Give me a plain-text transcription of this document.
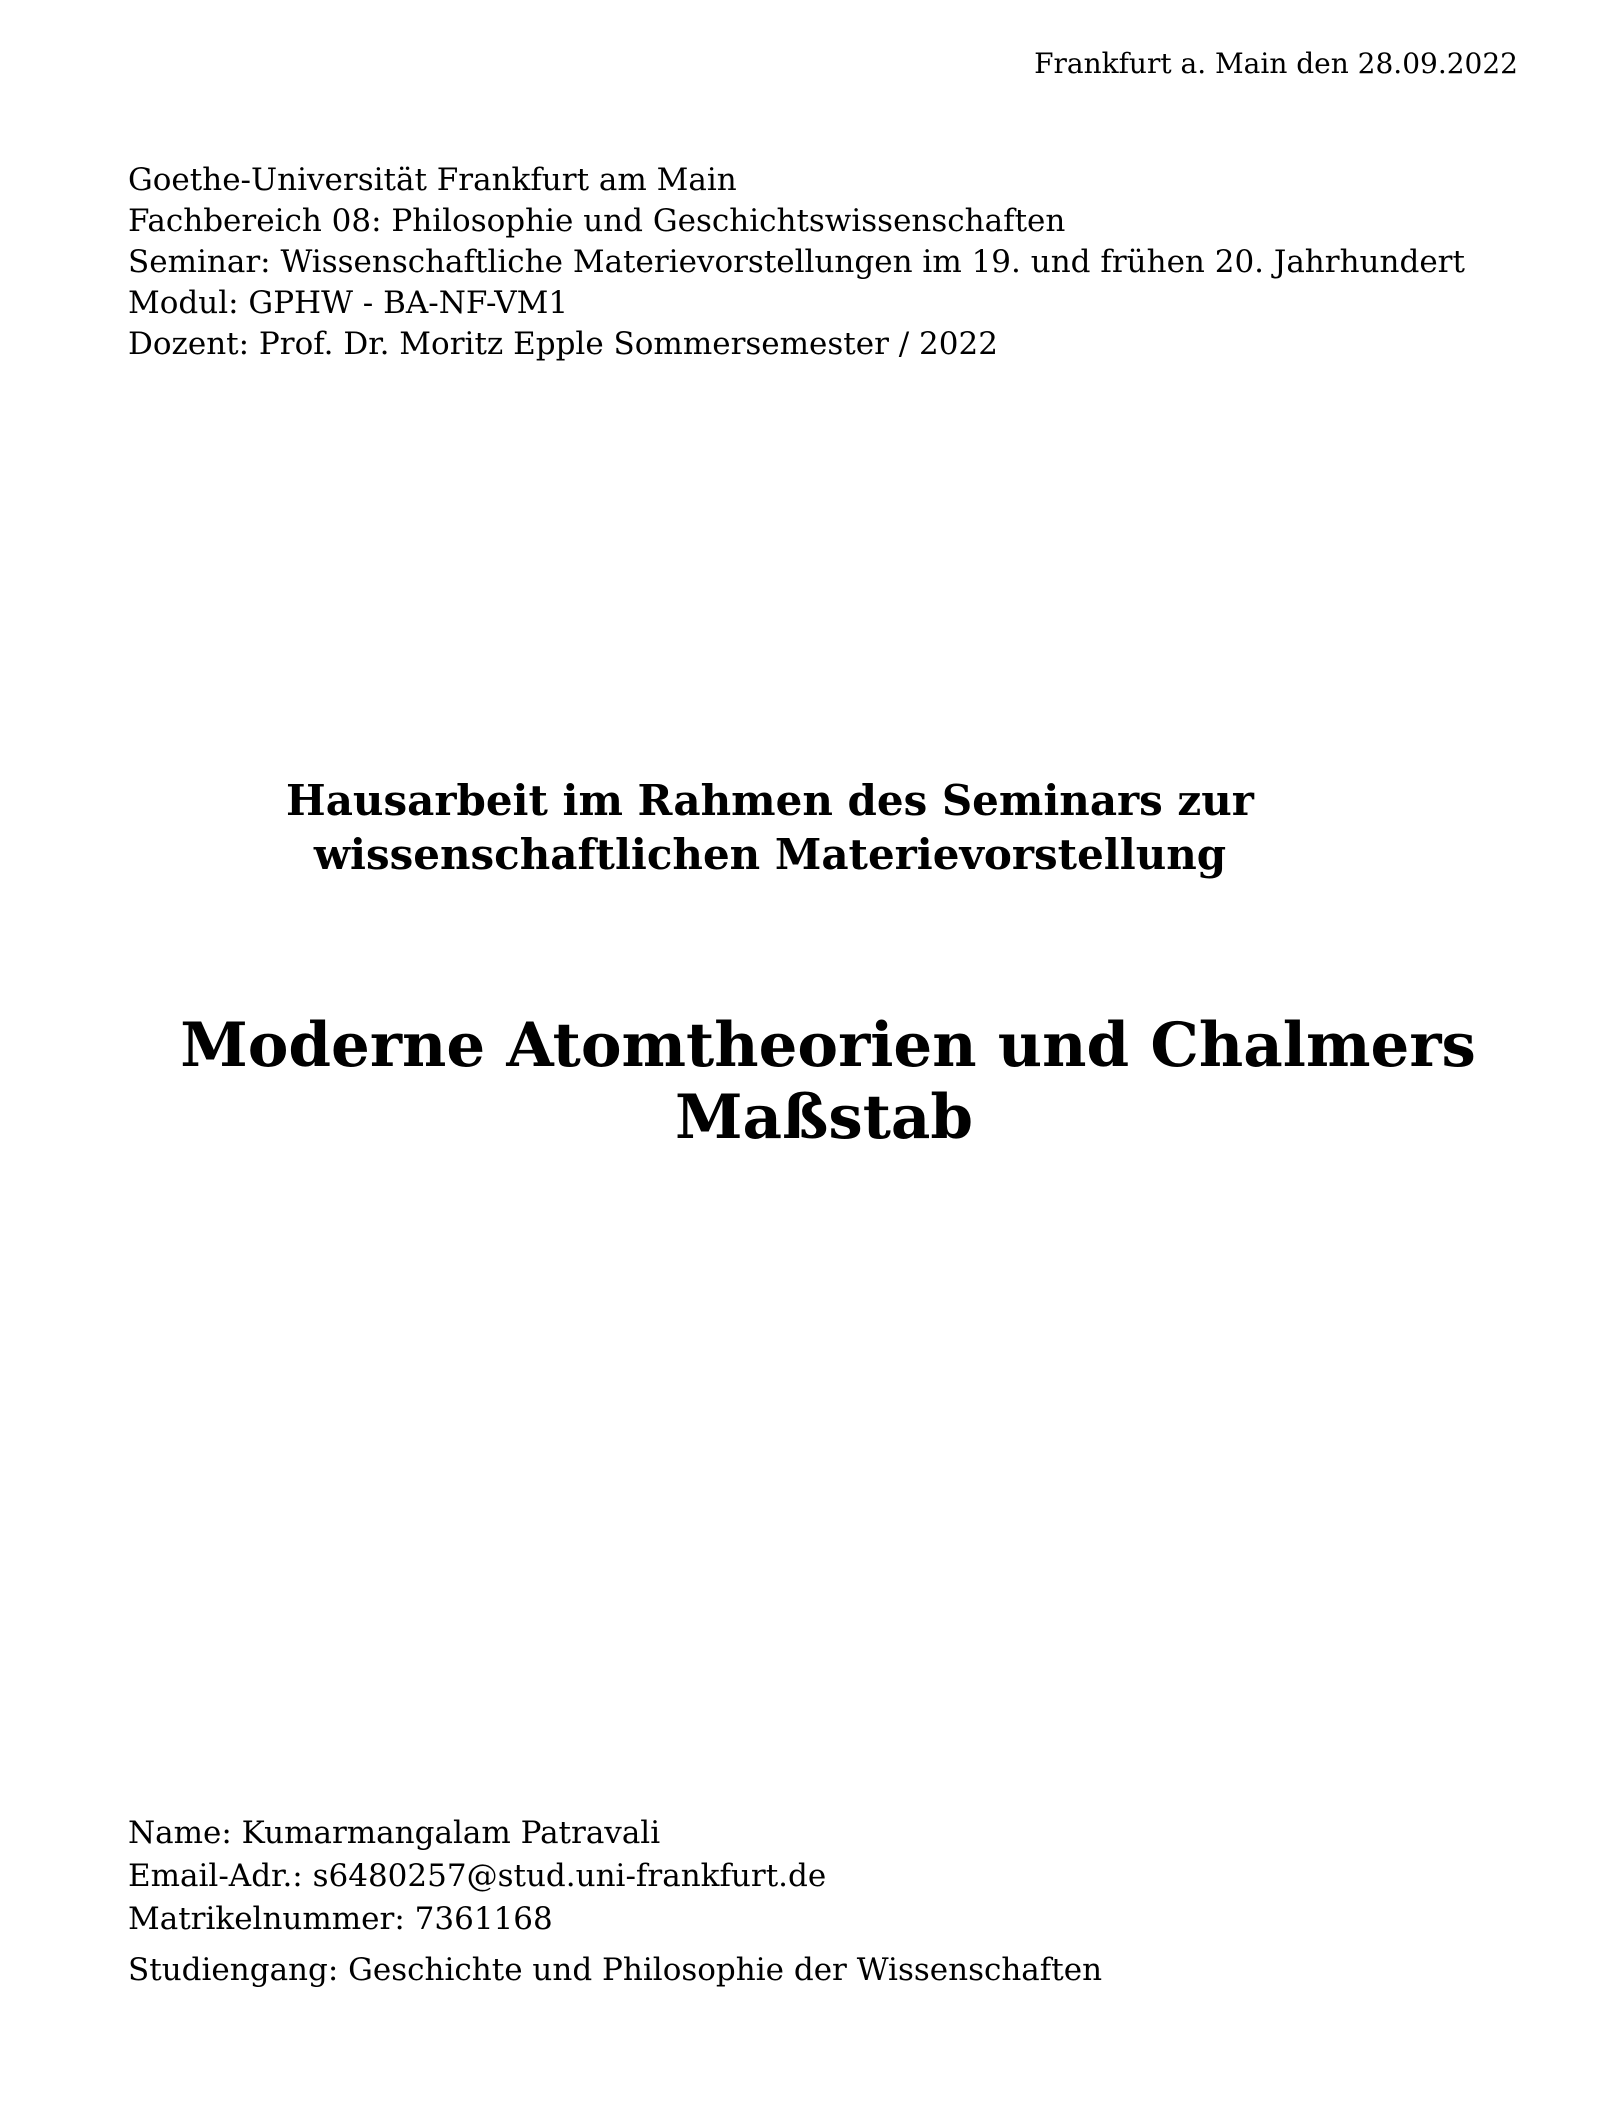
Frankfurt a. Main den 28.09.2022
Goethe-Universität Frankfurt am Main
Fachbereich 08: Philosophie und Geschichtswissenschaften
Seminar: Wissenschaftliche Materievorstellungen im 19. und frühen 20. Jahrhundert
Modul: GPHW - BA-NF-VM1
Dozent: Prof. Dr. Moritz Epple Sommersemester / 2022
Hausarbeit im Rahmen des Seminars zur
wissenschaftlichen Materievorstellung
Moderne Atomtheorien und Chalmers
Maßstab
Name: Kumarmangalam Patravali
Email-Adr.: s6480257@stud.uni-frankfurt.de
Matrikelnummer: 7361168
Studiengang: Geschichte und Philosophie der Wissenschaften
